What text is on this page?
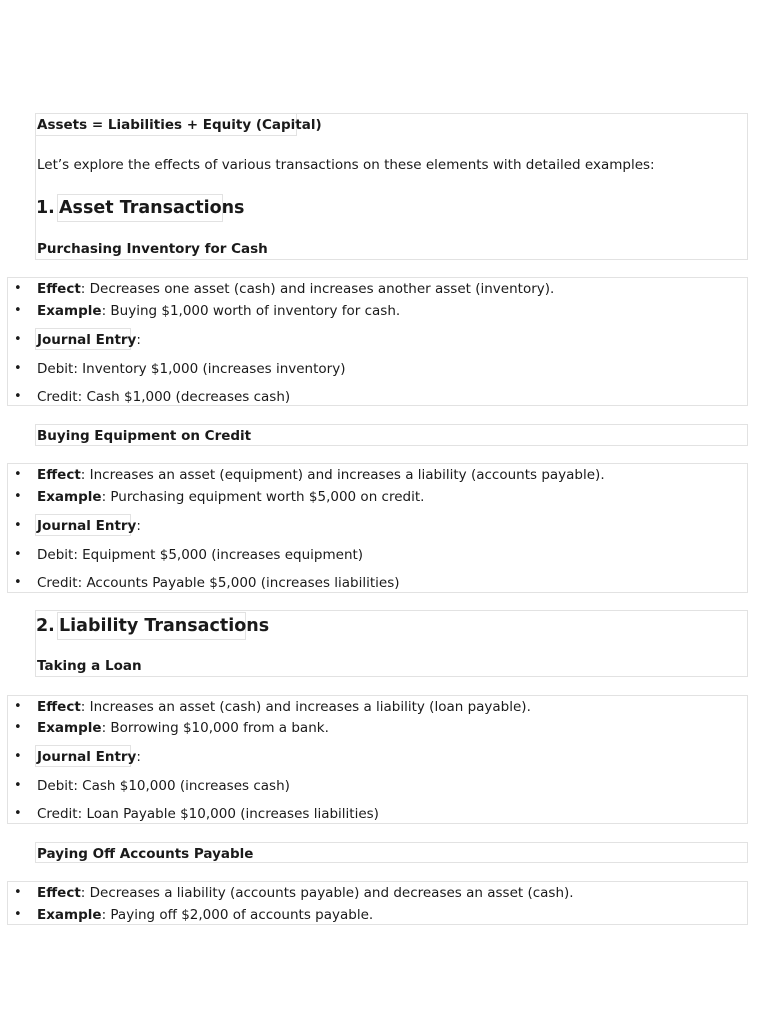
Assets = Liabilities + Equity (Capital)
Let’s explore the effects of various transactions on these elements with detailed examples:
1. Asset Transactions
Purchasing Inventory for Cash
•
Effect: Decreases one asset (cash) and increases another asset (inventory).
•
Example: Buying $1,000 worth of inventory for cash.
•
Journal Entry:
•
Debit: Inventory $1,000 (increases inventory)
•
Credit: Cash $1,000 (decreases cash)
Buying Equipment on Credit
•
Effect: Increases an asset (equipment) and increases a liability (accounts payable).
•
Example: Purchasing equipment worth $5,000 on credit.
•
Journal Entry:
•
Debit: Equipment $5,000 (increases equipment)
•
Credit: Accounts Payable $5,000 (increases liabilities)
2. Liability Transactions
Taking a Loan
•
Effect: Increases an asset (cash) and increases a liability (loan payable).
•
Example: Borrowing $10,000 from a bank.
•
Journal Entry:
•
Debit: Cash $10,000 (increases cash)
•
Credit: Loan Payable $10,000 (increases liabilities)
Paying Off Accounts Payable
•
Effect: Decreases a liability (accounts payable) and decreases an asset (cash).
•
Example: Paying off $2,000 of accounts payable.
